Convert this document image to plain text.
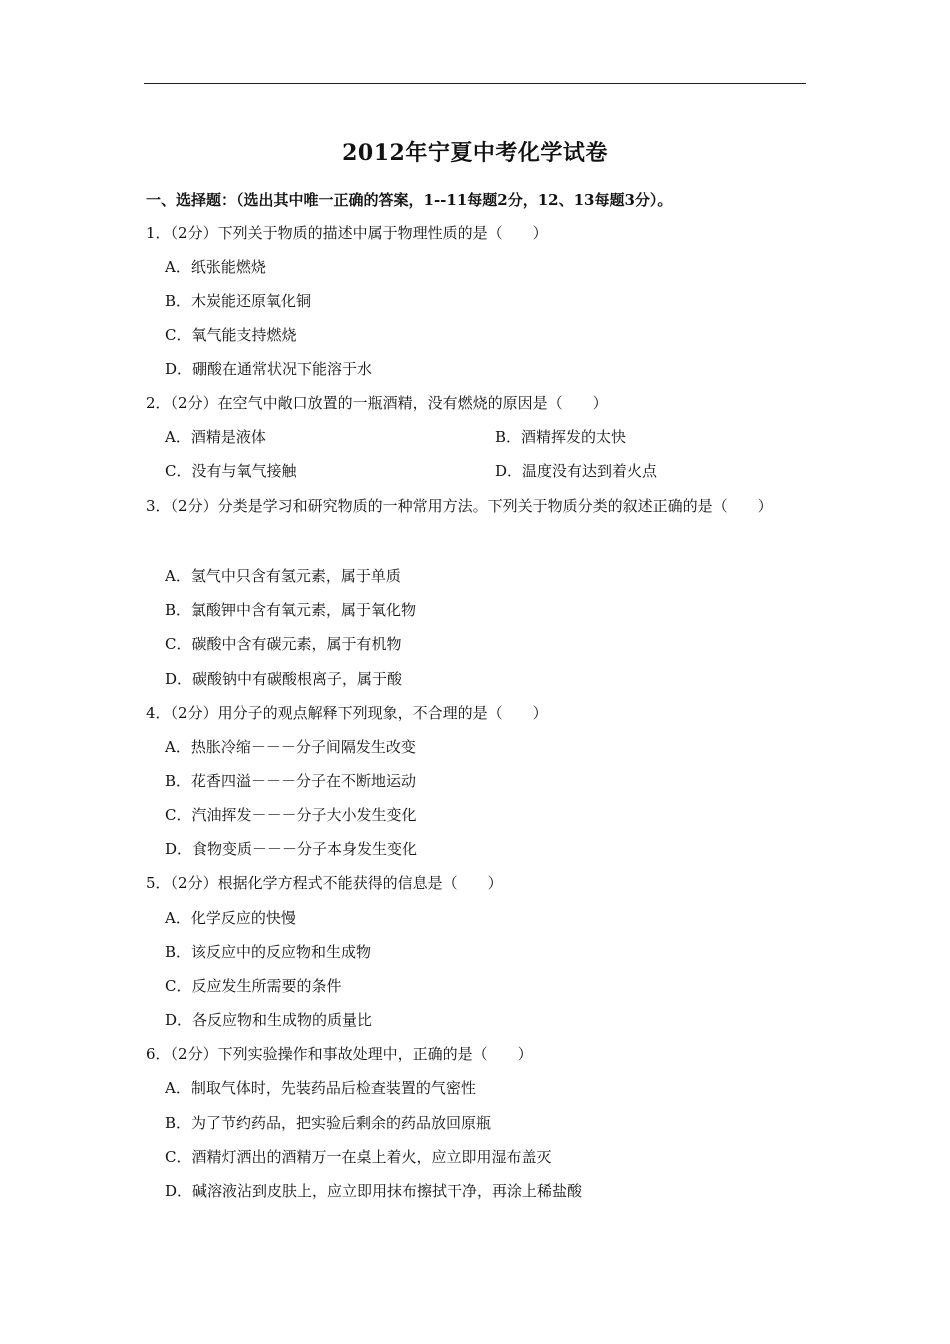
2012年宁夏中考化学试卷
一、选择题：（选出其中唯一正确的答案，1--11每题2分，12、13每题3分）。
1．（2分）下列关于物质的描述中属于物理性质的是（　　）
A．纸张能燃烧
B．木炭能还原氧化铜
C．氧气能支持燃烧
D．硼酸在通常状况下能溶于水
2．（2分）在空气中敞口放置的一瓶酒精，没有燃烧的原因是（　　）
A．酒精是液体	B．酒精挥发的太快
C．没有与氧气接触	D．温度没有达到着火点
3．（2分）分类是学习和研究物质的一种常用方法。下列关于物质分类的叙述正确的是（　　）
A．氢气中只含有氢元素，属于单质
B．氯酸钾中含有氧元素，属于氧化物
C．碳酸中含有碳元素，属于有机物
D．碳酸钠中有碳酸根离子，属于酸
4．（2分）用分子的观点解释下列现象，不合理的是（　　）
A．热胀冷缩－－－分子间隔发生改变
B．花香四溢－－－分子在不断地运动
C．汽油挥发－－－分子大小发生变化
D．食物变质－－－分子本身发生变化
5．（2分）根据化学方程式不能获得的信息是（　　）
A．化学反应的快慢
B．该反应中的反应物和生成物
C．反应发生所需要的条件
D．各反应物和生成物的质量比
6．（2分）下列实验操作和事故处理中，正确的是（　　）
A．制取气体时，先装药品后检查装置的气密性
B．为了节约药品，把实验后剩余的药品放回原瓶
C．酒精灯洒出的酒精万一在桌上着火，应立即用湿布盖灭
D．碱溶液沾到皮肤上，应立即用抹布擦拭干净，再涂上稀盐酸
